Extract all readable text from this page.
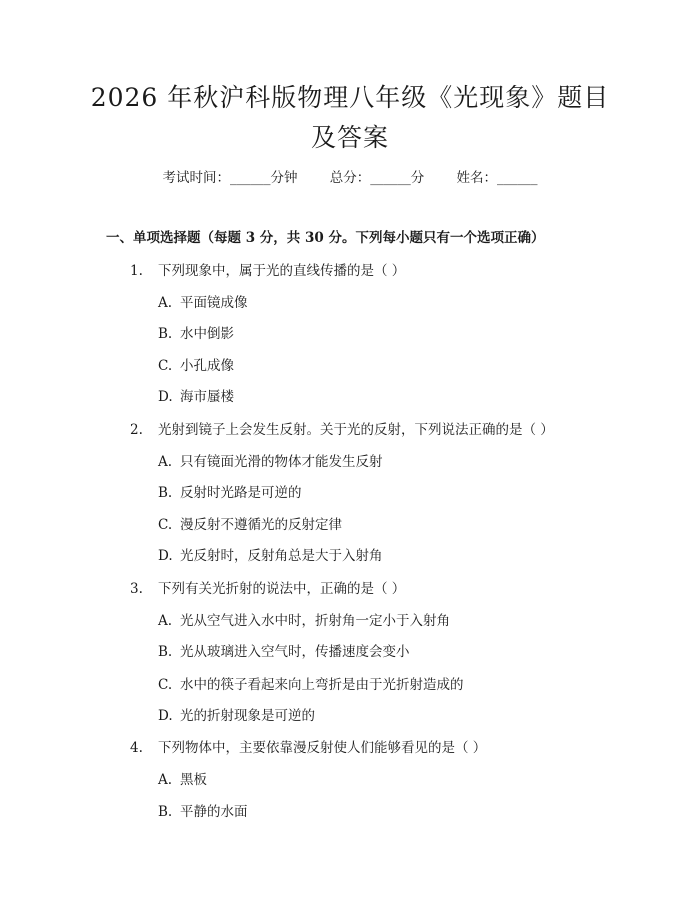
2026 年秋沪科版物理八年级《光现象》题目
及答案
考试时间：______分钟 总分：______分 姓名：______
一、单项选择题（每题 3 分，共 30 分。下列每小题只有一个选项正确）
1. 下列现象中，属于光的直线传播的是（ ）
A. 平面镜成像
B. 水中倒影
C. 小孔成像
D. 海市蜃楼
2. 光射到镜子上会发生反射。关于光的反射，下列说法正确的是（ ）
A. 只有镜面光滑的物体才能发生反射
B. 反射时光路是可逆的
C. 漫反射不遵循光的反射定律
D. 光反射时，反射角总是大于入射角
3. 下列有关光折射的说法中，正确的是（ ）
A. 光从空气进入水中时，折射角一定小于入射角
B. 光从玻璃进入空气时，传播速度会变小
C. 水中的筷子看起来向上弯折是由于光折射造成的
D. 光的折射现象是可逆的
4. 下列物体中，主要依靠漫反射使人们能够看见的是（ ）
A. 黑板
B. 平静的水面
